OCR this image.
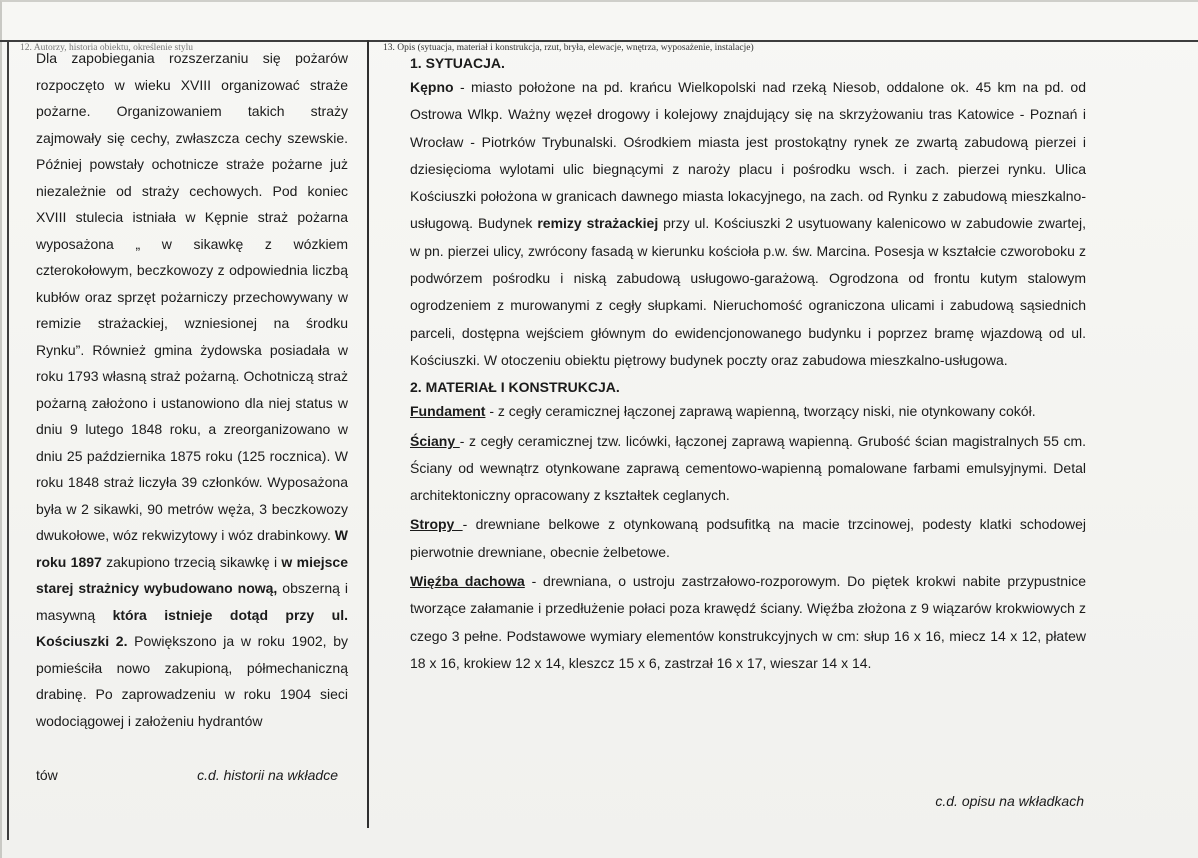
12. Autorzy, historia obiektu, określenie stylu	13. Opis (sytuacja, materiał i konstrukcja, rzut, bryła, elewacje, wnętrza, wyposażenie, instalacje)

Dla zapobiegania rozszerzaniu się pożarów rozpoczęto w wieku XVIII organizować straże pożarne. Organizowaniem takich straży zajmowały się cechy, zwłaszcza cechy szewskie. Później powstały ochotnicze straże pożarne już niezależnie od straży cechowych. Pod koniec XVIII stulecia istniała w Kępnie straż pożarna wyposażona „ w sikawkę z wózkiem czterokołowym, beczkowozy z odpowiednia liczbą kubłów oraz sprzęt pożarniczy przechowywany w remizie strażackiej, wzniesionej na środku Rynku”. Również gmina żydowska posiadała w roku 1793 własną straż pożarną. Ochotniczą straż pożarną założono i ustanowiono dla niej status w dniu 9 lutego 1848 roku, a zreorganizowano w dniu 25 października 1875 roku (125 rocznica). W roku 1848 straż liczyła 39 członków. Wyposażona była w 2 sikawki, 90 metrów węża, 3 beczkowozy dwukołowe, wóz rekwizytowy i wóz drabinkowy. W roku 1897 zakupiono trzecią sikawkę i w miejsce starej strażnicy wybudowano nową, obszerną i masywną która istnieje dotąd przy ul. Kościuszki 2. Powiększono ja w roku 1902, by pomieściła nowo zakupioną, półmechaniczną drabinę. Po zaprowadzeniu w roku 1904 sieci wodociągowej i założeniu hydrantów

tów	c.d. historii na wkładce
1. SYTUACJA.

Kępno - miasto położone na pd. krańcu Wielkopolski nad rzeką Niesob, oddalone ok. 45 km na pd. od Ostrowa Wlkp. Ważny węzeł drogowy i kolejowy znajdujący się na skrzyżowaniu tras Katowice - Poznań i Wrocław - Piotrków Trybunalski. Ośrodkiem miasta jest prostokątny rynek ze zwartą zabudową pierzei i dziesięcioma wylotami ulic biegnącymi z naroży placu i pośrodku wsch. i zach. pierzei rynku. Ulica Kościuszki położona w granicach dawnego miasta lokacyjnego, na zach. od Rynku z zabudową mieszkalno-usługową. Budynek remizy strażackiej przy ul. Kościuszki 2 usytuowany kalenicowo w zabudowie zwartej, w pn. pierzei ulicy, zwrócony fasadą w kierunku kościoła p.w. św. Marcina. Posesja w kształcie czworoboku z podwórzem pośrodku i niską zabudową usługowo-garażową. Ogrodzona od frontu kutym stalowym ogrodzeniem z murowanymi z cegły słupkami. Nieruchomość ograniczona ulicami i zabudową sąsiednich parceli, dostępna wejściem głównym do ewidencjonowanego budynku i poprzez bramę wjazdową od ul. Kościuszki. W otoczeniu obiektu piętrowy budynek poczty oraz zabudowa mieszkalno-usługowa.

2. MATERIAŁ I KONSTRUKCJA.

Fundament - z cegły ceramicznej łączonej zaprawą wapienną, tworzący niski, nie otynkowany cokół.

Ściany - z cegły ceramicznej tzw. licówki, łączonej zaprawą wapienną. Grubość ścian magistralnych 55 cm. Ściany od wewnątrz otynkowane zaprawą cementowo-wapienną pomalowane farbami emulsyjnymi. Detal architektoniczny opracowany z kształtek ceglanych.

Stropy - drewniane belkowe z otynkowaną podsufitką na macie trzcinowej, podesty klatki schodowej pierwotnie drewniane, obecnie żelbetowe.

Więźba dachowa - drewniana, o ustroju zastrzałowo-rozporowym. Do piętek krokwi nabite przypustnice tworzące załamanie i przedłużenie połaci poza krawędź ściany. Więźba złożona z 9 wiązarów krokwiowych z czego 3 pełne. Podstawowe wymiary elementów konstrukcyjnych w cm: słup 16 x 16, miecz 14 x 12, płatew 18 x 16, krokiew 12 x 14, kleszcz 15 x 6, zastrzał 16 x 17, wieszar 14 x 14.

c.d. opisu na wkładkach
